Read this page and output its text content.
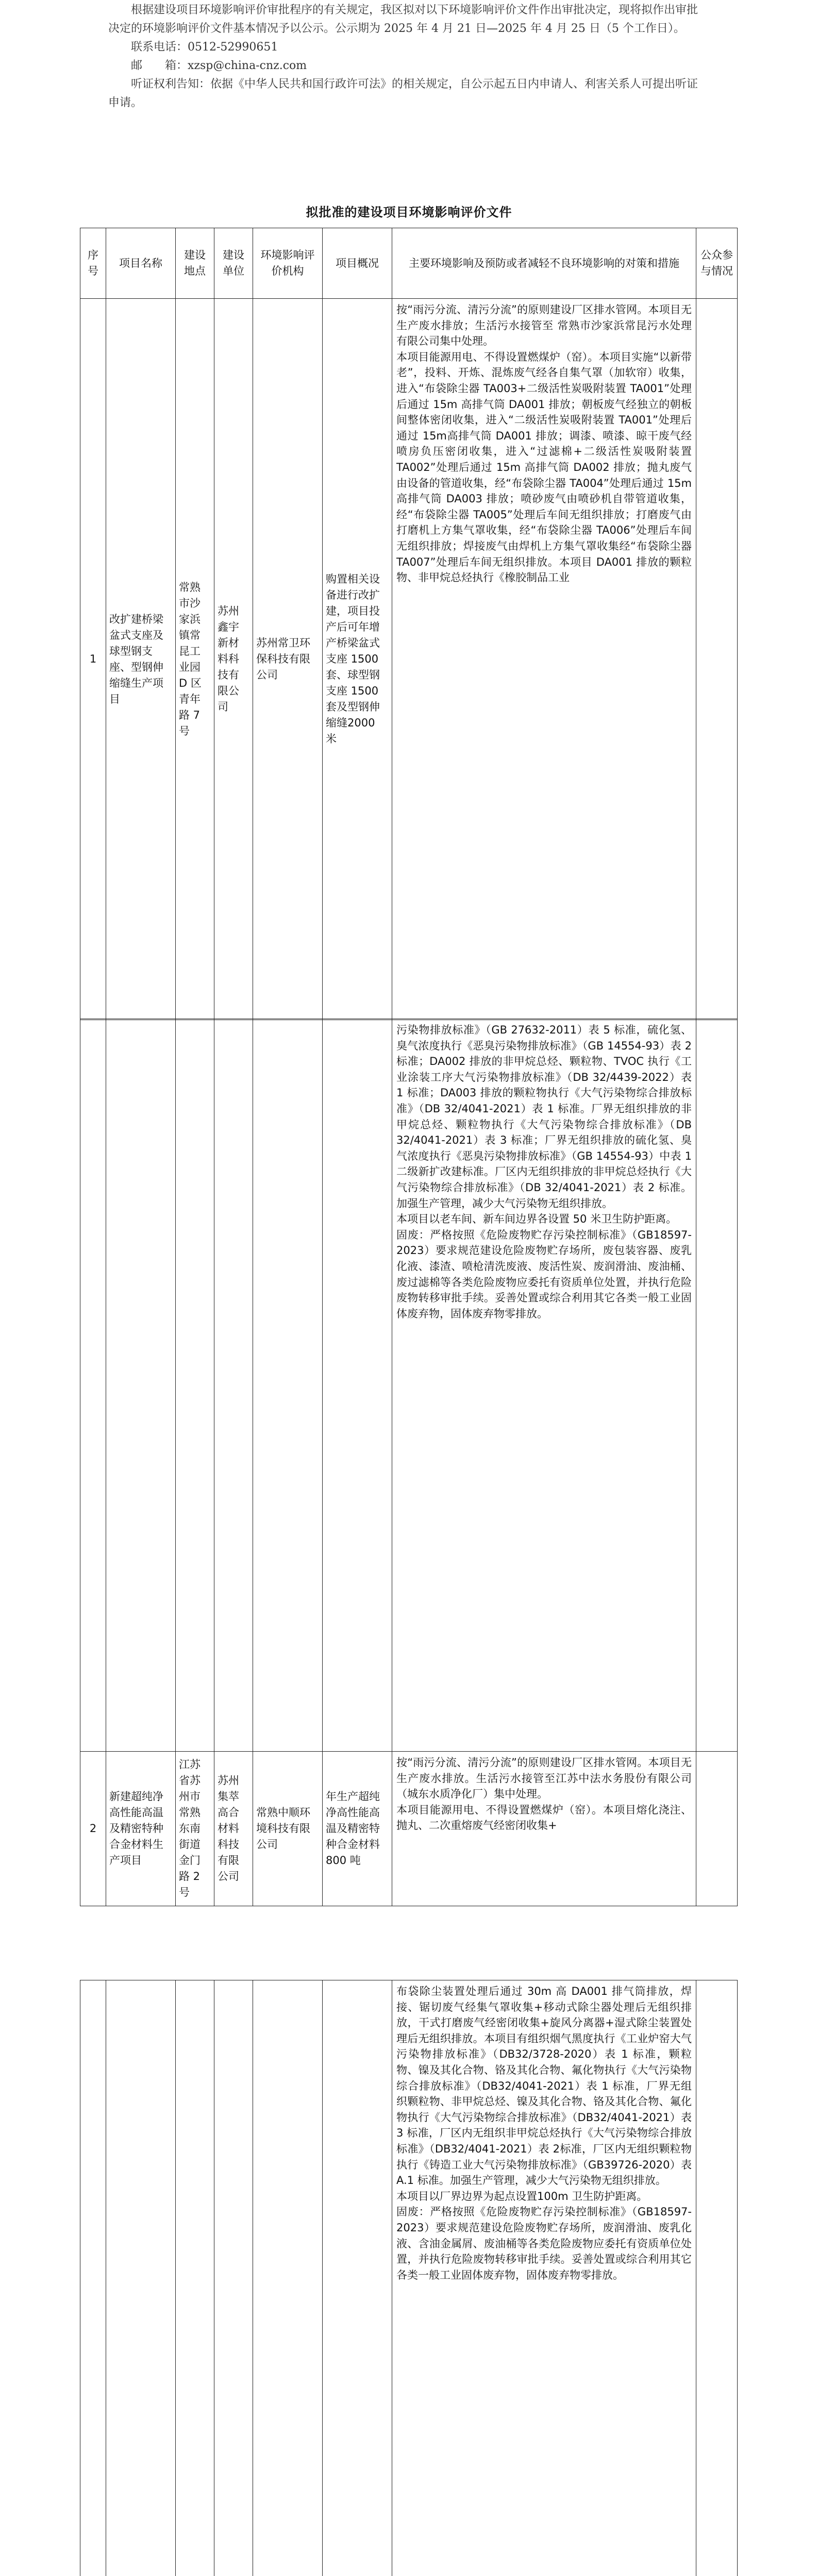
根据建设项目环境影响评价审批程序的有关规定，我区拟对以下环境影响评价文件作出审批决定，现将拟作出审批决定的环境影响评价文件基本情况予以公示。公示期为 2025 年 4 月 21 日—2025 年 4 月 25 日（5 个工作日）。

联系电话：0512-52990651

邮　　箱：xzsp@china-cnz.com

听证权利告知：依据《中华人民共和国行政许可法》的相关规定，自公示起五日内申请人、利害关系人可提出听证申请。

拟批准的建设项目环境影响评价文件
序号	项目名称	建设地点	建设单位	环境影响评价机构	项目概况	主要环境影响及预防或者减轻不良环境影响的对策和措施	公众参与情况
1	改扩建桥梁盆式支座及球型钢支座、型钢伸缩缝生产项目	常熟市沙家浜镇常昆工业园 D 区青年路 7 号	苏州鑫宇新材料科技有限公司	苏州常卫环保科技有限公司	购置相关设备进行改扩建，项目投产后可年增产桥梁盆式支座 1500 套、球型钢支座 1500 套及型钢伸缩缝2000 米	按“雨污分流、清污分流”的原则建设厂区排水管网。本项目无生产废水排放；生活污水接管至 常熟市沙家浜常昆污水处理有限公司集中处理。
本项目能源用电、不得设置燃煤炉（窑）。本项目实施“以新带老”，投料、开炼、混炼废气经各自集气罩（加软帘）收集，进入“布袋除尘器 TA003+二级活性炭吸附装置 TA001”处理后通过 15m 高排气筒 DA001 排放；朝板废气经独立的朝板间整体密闭收集，进入“二级活性炭吸附装置 TA001”处理后通过 15m高排气筒 DA001 排放；调漆、喷漆、晾干废气经喷房负压密闭收集，进入“过滤棉+二级活性炭吸附装置 TA002”处理后通过 15m 高排气筒 DA002 排放；抛丸废气由设备的管道收集，经“布袋除尘器 TA004”处理后通过 15m 高排气筒 DA003 排放；喷砂废气由喷砂机自带管道收集，经“布袋除尘器 TA005”处理后车间无组织排放；打磨废气由打磨机上方集气罩收集，经“布袋除尘器 TA006”处理后车间无组织排放；焊接废气由焊机上方集气罩收集经“布袋除尘器TA007”处理后车间无组织排放。本项目 DA001 排放的颗粒物、非甲烷总烃执行《橡胶制品工业	
						污染物排放标准》（GB 27632-2011）表 5 标准，硫化氢、臭气浓度执行《恶臭污染物排放标准》（GB 14554-93）表 2 标准；DA002 排放的非甲烷总烃、颗粒物、TVOC 执行《工业涂装工序大气污染物排放标准》（DB 32/4439-2022）表 1 标准；DA003 排放的颗粒物执行《大气污染物综合排放标准》（DB 32/4041-2021）表 1 标准。厂界无组织排放的非甲烷总烃、颗粒物执行《大气污染物综合排放标准》（DB 32/4041-2021）表 3 标准；厂界无组织排放的硫化氢、臭气浓度执行《恶臭污染物排放标准》（GB 14554-93）中表 1 二级新扩改建标准。厂区内无组织排放的非甲烷总烃执行《大气污染物综合排放标准》（DB 32/4041-2021）表 2 标准。加强生产管理，减少大气污染物无组织排放。
本项目以老车间、新车间边界各设置 50 米卫生防护距离。
固废：严格按照《危险废物贮存污染控制标准》（GB18597-2023）要求规范建设危险废物贮存场所，废包装容器、废乳化液、漆渣、喷枪清洗废液、废活性炭、废润滑油、废油桶、废过滤棉等各类危险废物应委托有资质单位处置，并执行危险废物转移审批手续。妥善处置或综合利用其它各类一般工业固体废弃物，固体废弃物零排放。	
2	新建超纯净高性能高温及精密特种合金材料生产项目	江苏省苏州市常熟东南街道金门路 2 号	苏州集萃高合材料科技有限公司	常熟中顺环境科技有限公司	年生产超纯净高性能高温及精密特种合金材料800 吨	按“雨污分流、清污分流”的原则建设厂区排水管网。本项目无生产废水排放。生活污水接管至江苏中法水务股份有限公司（城东水质净化厂）集中处理。
本项目能源用电、不得设置燃煤炉（窑）。本项目熔化浇注、抛丸、二次重熔废气经密闭收集+	
						布袋除尘装置处理后通过 30m 高 DA001 排气筒排放，焊接、锯切废气经集气罩收集+移动式除尘器处理后无组织排放，干式打磨废气经密闭收集+旋风分离器+湿式除尘装置处理后无组织排放。本项目有组织烟气黑度执行《工业炉窑大气污染物排放标准》（DB32/3728-2020）表 1 标准，颗粒物、镍及其化合物、铬及其化合物、氟化物执行《大气污染物综合排放标准》（DB32/4041-2021）表 1 标准，厂界无组织颗粒物、非甲烷总烃、镍及其化合物、铬及其化合物、氟化物执行《大气污染物综合排放标准》（DB32/4041-2021）表 3 标准，厂区内无组织非甲烷总烃执行《大气污染物综合排放标准》（DB32/4041-2021）表 2标准，厂区内无组织颗粒物执行《铸造工业大气污染物排放标准》（GB39726-2020）表 A.1 标准。加强生产管理，减少大气污染物无组织排放。
本项目以厂界边界为起点设置100m 卫生防护距离。
固废：严格按照《危险废物贮存污染控制标准》（GB18597-2023）要求规范建设危险废物贮存场所，废润滑油、废乳化液、含油金属屑、废油桶等各类危险废物应委托有资质单位处置，并执行危险废物转移审批手续。妥善处置或综合利用其它各类一般工业固体废弃物，固体废弃物零排放。	
